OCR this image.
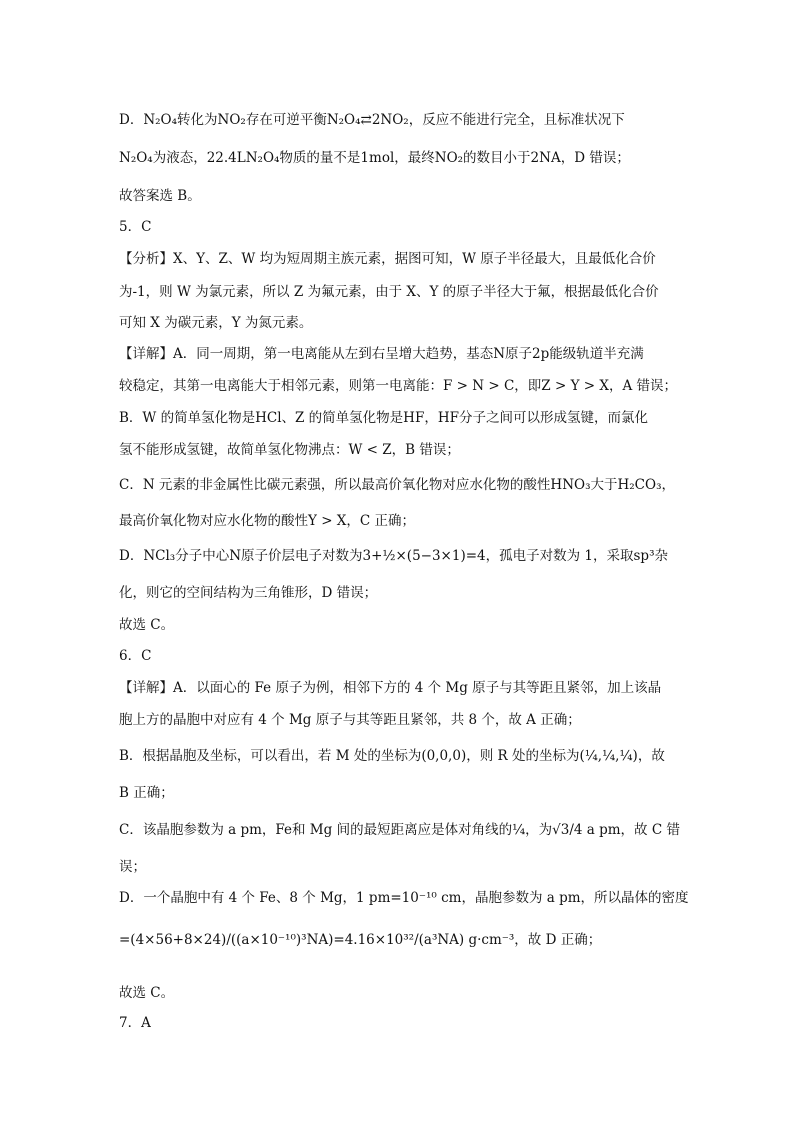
D．N₂O₄转化为NO₂存在可逆平衡N₂O₄⇄2NO₂，反应不能进行完全，且标准状况下
N₂O₄为液态，22.4LN₂O₄物质的量不是1mol，最终NO₂的数目小于2NA，D 错误；
故答案选 B。
5．C
【分析】X、Y、Z、W 均为短周期主族元素，据图可知，W 原子半径最大，且最低化合价
为-1，则 W 为氯元素，所以 Z 为氟元素，由于 X、Y 的原子半径大于氟，根据最低化合价
可知 X 为碳元素，Y 为氮元素。
【详解】A．同一周期，第一电离能从左到右呈增大趋势，基态N原子2p能级轨道半充满
较稳定，其第一电离能大于相邻元素，则第一电离能：F > N > C，即Z > Y > X，A 错误；
B．W 的简单氢化物是HCl、Z 的简单氢化物是HF，HF分子之间可以形成氢键，而氯化
氢不能形成氢键，故简单氢化物沸点：W < Z，B 错误；
C．N 元素的非金属性比碳元素强，所以最高价氧化物对应水化物的酸性HNO₃大于H₂CO₃，
最高价氧化物对应水化物的酸性Y > X，C 正确；
D．NCl₃分子中心N原子价层电子对数为3+½×(5−3×1)=4，孤电子对数为 1，采取sp³杂
化，则它的空间结构为三角锥形，D 错误；
故选 C。
6．C
【详解】A．以面心的 Fe 原子为例，相邻下方的 4 个 Mg 原子与其等距且紧邻，加上该晶
胞上方的晶胞中对应有 4 个 Mg 原子与其等距且紧邻，共 8 个，故 A 正确；
B．根据晶胞及坐标，可以看出，若 M 处的坐标为(0,0,0)，则 R 处的坐标为(¼,¼,¼)，故
B 正确；
C．该晶胞参数为 a pm，Fe和 Mg 间的最短距离应是体对角线的¼，为√3/4 a pm，故 C 错
误；
D．一个晶胞中有 4 个 Fe、8 个 Mg，1 pm=10⁻¹⁰ cm，晶胞参数为 a pm，所以晶体的密度
=(4×56+8×24)/((a×10⁻¹⁰)³NA)=4.16×10³²/(a³NA) g·cm⁻³，故 D 正确；
故选 C。
7．A
